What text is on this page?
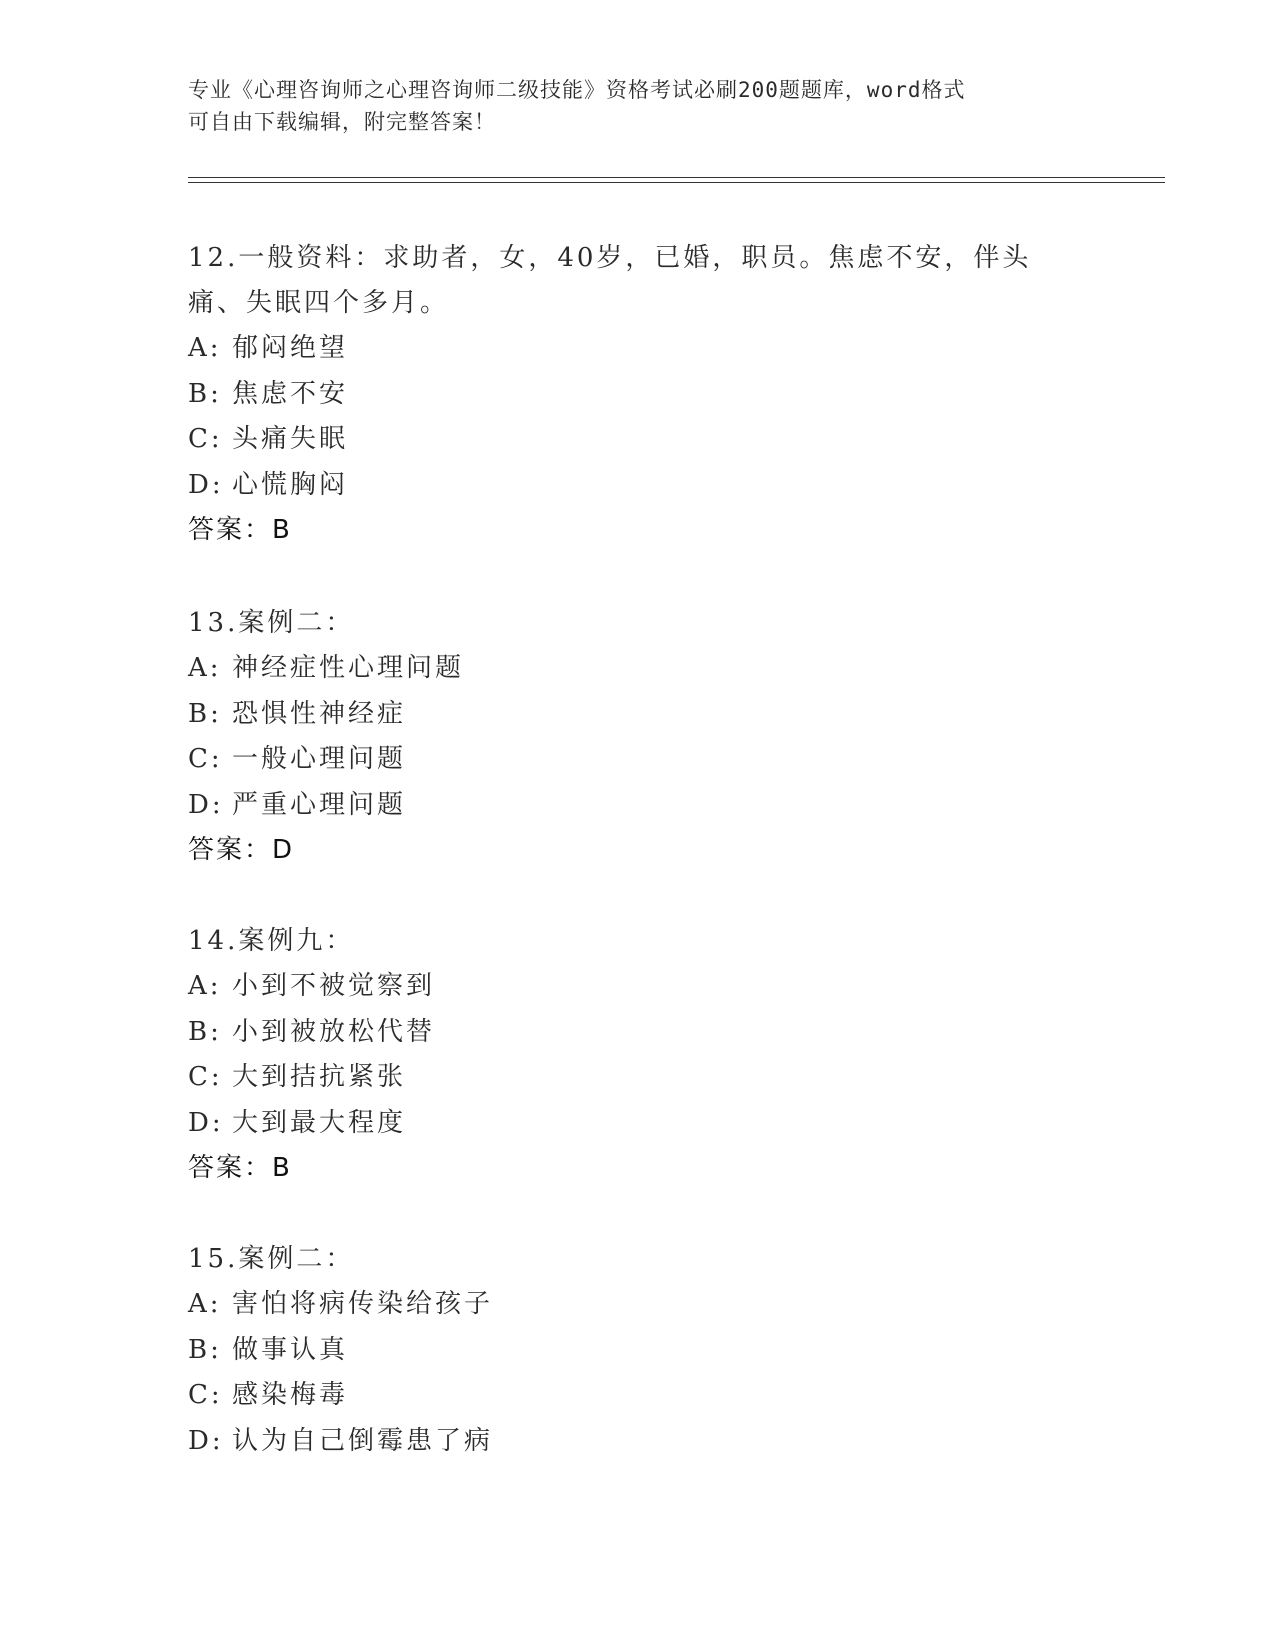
专业《心理咨询师之心理咨询师二级技能》资格考试必刷200题题库，word格式
可自由下载编辑，附完整答案！

12.一般资料：求助者，女，40岁，已婚，职员。焦虑不安，伴头痛、失眠四个多月。

A: 郁闷绝望
B: 焦虑不安
C: 头痛失眠
D: 心慌胸闷
答案：B

13.案例二：

A: 神经症性心理问题
B: 恐惧性神经症
C: 一般心理问题
D: 严重心理问题
答案：D

14.案例九：

A: 小到不被觉察到
B: 小到被放松代替
C: 大到拮抗紧张
D: 大到最大程度
答案：B

15.案例二：

A: 害怕将病传染给孩子
B: 做事认真
C: 感染梅毒
D: 认为自己倒霉患了病
